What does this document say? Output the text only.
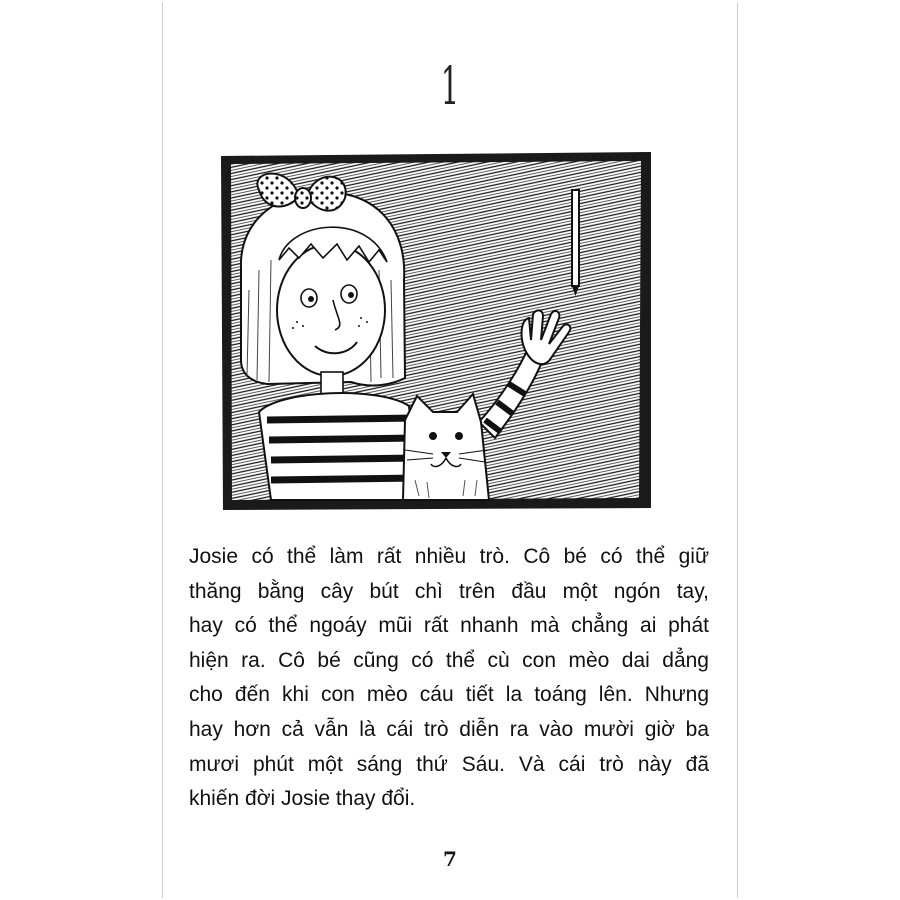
1
Josie có thể làm rất nhiều trò. Cô bé có thể giữ
thăng bằng cây bút chì trên đầu một ngón tay,
hay có thể ngoáy mũi rất nhanh mà chẳng ai phát
hiện ra. Cô bé cũng có thể cù con mèo dai dẳng
cho đến khi con mèo cáu tiết la toáng lên. Nhưng
hay hơn cả vẫn là cái trò diễn ra vào mười giờ ba
mươi phút một sáng thứ Sáu. Và cái trò này đã
khiến đời Josie thay đổi.
7
